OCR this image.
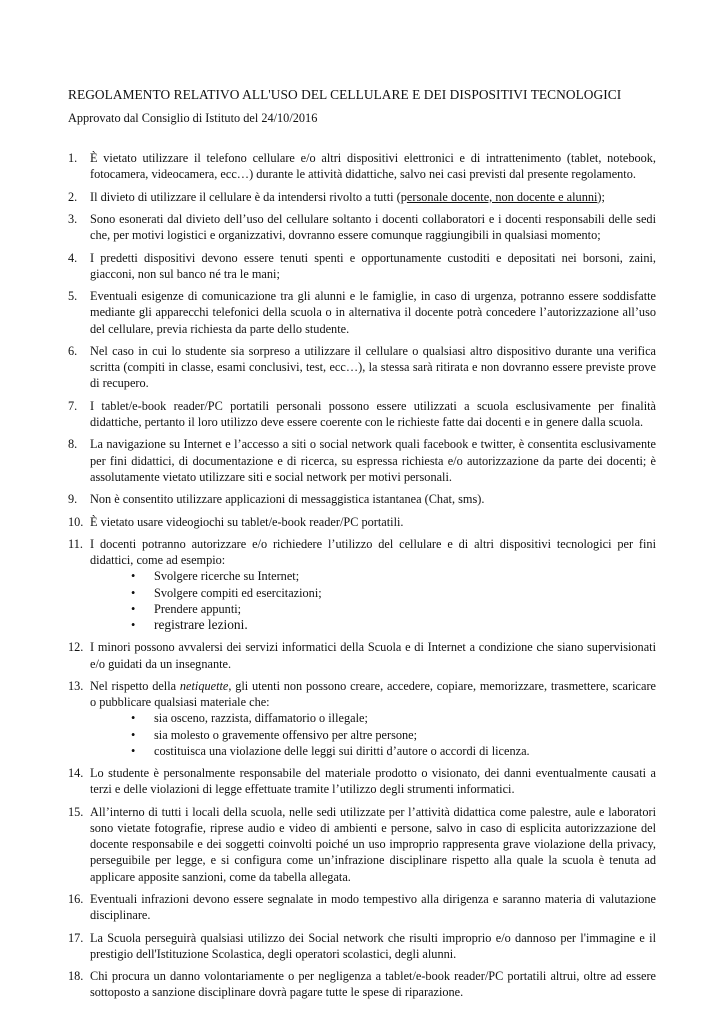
REGOLAMENTO RELATIVO ALL'USO DEL CELLULARE E DEI DISPOSITIVI TECNOLOGICI
Approvato dal Consiglio di Istituto del 24/10/2016
1.	È vietato utilizzare il telefono cellulare e/o altri dispositivi elettronici e di intrattenimento (tablet, notebook, fotocamera, videocamera, ecc…) durante le attività didattiche, salvo nei casi previsti dal presente regolamento.
2.	Il divieto di utilizzare il cellulare è da intendersi rivolto a tutti (personale docente, non docente e alunni);
3.	Sono esonerati dal divieto dell’uso del cellulare soltanto i docenti collaboratori e i docenti responsabili delle sedi che, per motivi logistici e organizzativi, dovranno essere comunque raggiungibili in qualsiasi momento;
4.	I predetti dispositivi devono essere tenuti spenti e opportunamente custoditi e depositati nei borsoni, zaini, giacconi, non sul banco né tra le mani;
5.	Eventuali esigenze di comunicazione tra gli alunni e le famiglie, in caso di urgenza, potranno essere soddisfatte mediante gli apparecchi telefonici della scuola o in alternativa il docente potrà concedere l’autorizzazione all’uso del cellulare, previa richiesta da parte dello studente.
6.	Nel caso in cui lo studente sia sorpreso a utilizzare il cellulare o qualsiasi altro dispositivo durante una verifica scritta (compiti in classe, esami conclusivi, test, ecc…), la stessa sarà ritirata e non dovranno essere previste prove di recupero.
7.	I tablet/e-book reader/PC portatili personali possono essere utilizzati a scuola esclusivamente per finalità didattiche, pertanto il loro utilizzo deve essere coerente con le richieste fatte dai docenti e in genere dalla scuola.
8.	La navigazione su Internet e l’accesso a siti o social network quali facebook e twitter, è consentita esclusivamente per fini didattici, di documentazione e di ricerca, su espressa richiesta e/o autorizzazione da parte dei docenti; è assolutamente vietato utilizzare siti e social network per motivi personali.
9.	Non è consentito utilizzare applicazioni di messaggistica istantanea (Chat, sms).
10. È vietato usare videogiochi su tablet/e-book reader/PC portatili.
11. I docenti potranno autorizzare e/o richiedere l’utilizzo del cellulare e di altri dispositivi tecnologici per fini didattici, come ad esempio:
• Svolgere ricerche su Internet;
• Svolgere compiti ed esercitazioni;
• Prendere appunti;
• registrare lezioni.
12. I minori possono avvalersi dei servizi informatici della Scuola e di Internet a condizione che siano supervisionati e/o guidati da un insegnante.
13. Nel rispetto della netiquette, gli utenti non possono creare, accedere, copiare, memorizzare, trasmettere, scaricare o pubblicare qualsiasi materiale che:
• sia osceno, razzista, diffamatorio o illegale;
• sia molesto o gravemente offensivo per altre persone;
• costituisca una violazione delle leggi sui diritti d’autore o accordi di licenza.
14. Lo studente è personalmente responsabile del materiale prodotto o visionato, dei danni eventualmente causati a terzi e delle violazioni di legge effettuate tramite l’utilizzo degli strumenti informatici.
15. All’interno di tutti i locali della scuola, nelle sedi utilizzate per l’attività didattica come palestre, aule e laboratori sono vietate fotografie, riprese audio e video di ambienti e persone, salvo in caso di esplicita autorizzazione del docente responsabile e dei soggetti coinvolti poiché un uso improprio rappresenta grave violazione della privacy, perseguibile per legge, e si configura come un’infrazione disciplinare rispetto alla quale la scuola è tenuta ad applicare apposite sanzioni, come da tabella allegata.
16. Eventuali infrazioni devono essere segnalate in modo tempestivo alla dirigenza e saranno materia di valutazione disciplinare.
17. La Scuola perseguirà qualsiasi utilizzo dei Social network che risulti improprio e/o dannoso per l'immagine e il prestigio dell'Istituzione Scolastica, degli operatori scolastici, degli alunni.
18. Chi procura un danno volontariamente o per negligenza a tablet/e-book reader/PC portatili altrui, oltre ad essere sottoposto a sanzione disciplinare dovrà pagare tutte le spese di riparazione.
